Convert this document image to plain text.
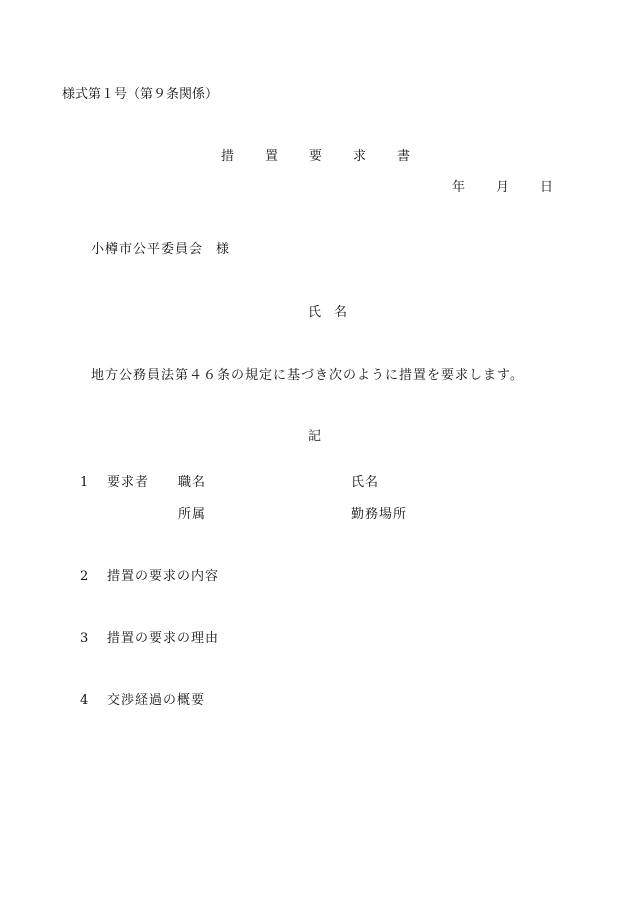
様式第１号（第９条関係）
措	置	要	求	書
年	月	日
小樽市公平委員会 様
氏 名
地方公務員法第４６条の規定に基づき次のように措置を要求します。
記
1 要求者 職名	氏名
所属	勤務場所
2 措置の要求の内容
3 措置の要求の理由
4 交渉経過の概要
